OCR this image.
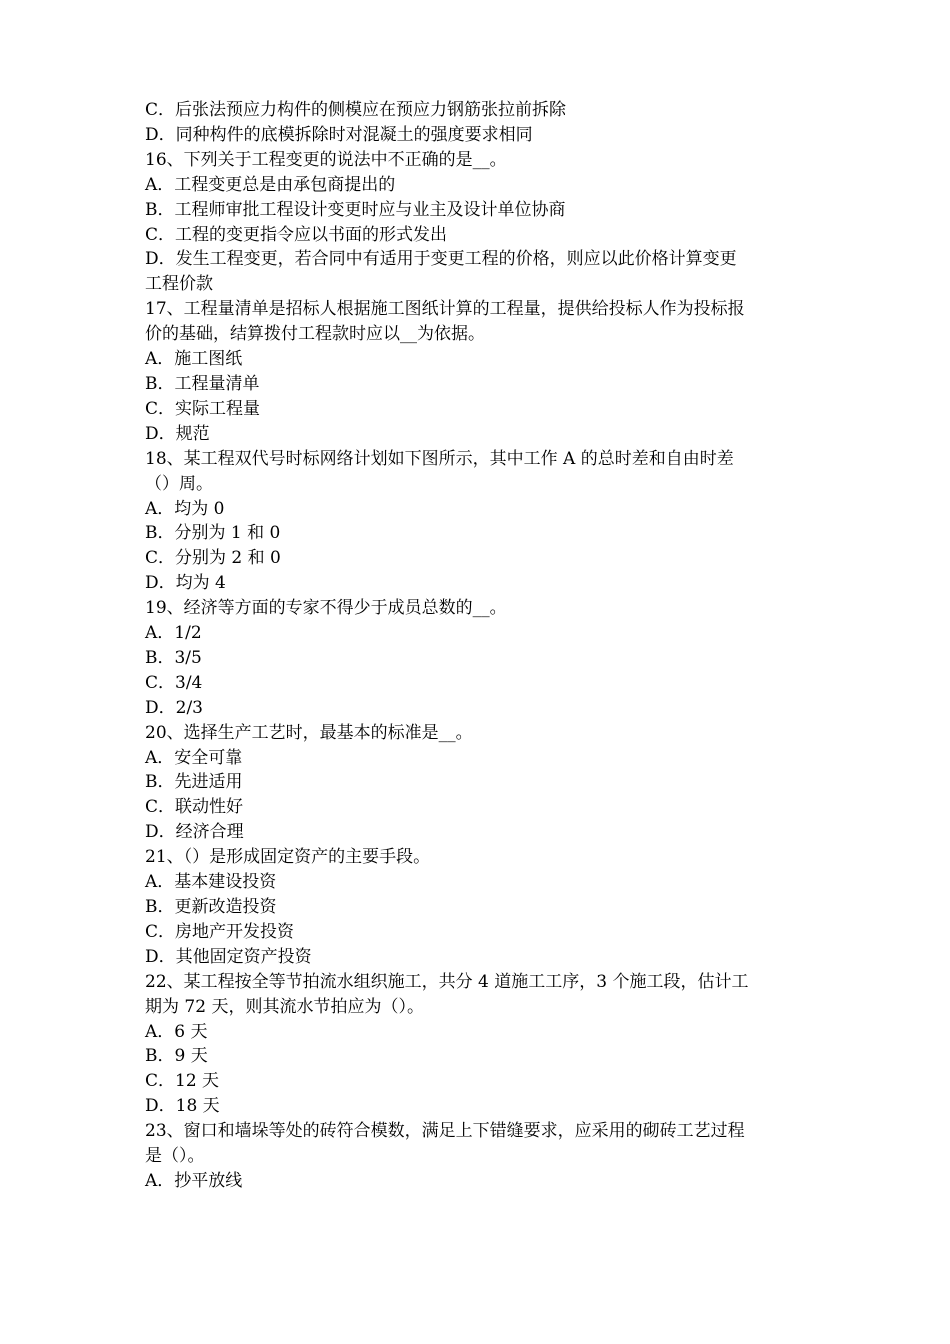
C．后张法预应力构件的侧模应在预应力钢筋张拉前拆除
D．同种构件的底模拆除时对混凝土的强度要求相同
16、下列关于工程变更的说法中不正确的是__。
A．工程变更总是由承包商提出的
B．工程师审批工程设计变更时应与业主及设计单位协商
C．工程的变更指令应以书面的形式发出
D．发生工程变更，若合同中有适用于变更工程的价格，则应以此价格计算变更
工程价款
17、工程量清单是招标人根据施工图纸计算的工程量，提供给投标人作为投标报
价的基础，结算拨付工程款时应以__为依据。
A．施工图纸
B．工程量清单
C．实际工程量
D．规范
18、某工程双代号时标网络计划如下图所示，其中工作 A 的总时差和自由时差
（）周。
A．均为 0
B．分别为 1 和 0
C．分别为 2 和 0
D．均为 4
19、经济等方面的专家不得少于成员总数的__。
A．1/2
B．3/5
C．3/4
D．2/3
20、选择生产工艺时，最基本的标准是__。
A．安全可靠
B．先进适用
C．联动性好
D．经济合理
21、（）是形成固定资产的主要手段。
A．基本建设投资
B．更新改造投资
C．房地产开发投资
D．其他固定资产投资
22、某工程按全等节拍流水组织施工，共分 4 道施工工序，3 个施工段，估计工
期为 72 天，则其流水节拍应为（）。
A．6 天
B．9 天
C．12 天
D．18 天
23、窗口和墙垛等处的砖符合模数，满足上下错缝要求，应采用的砌砖工艺过程
是（）。
A．抄平放线
